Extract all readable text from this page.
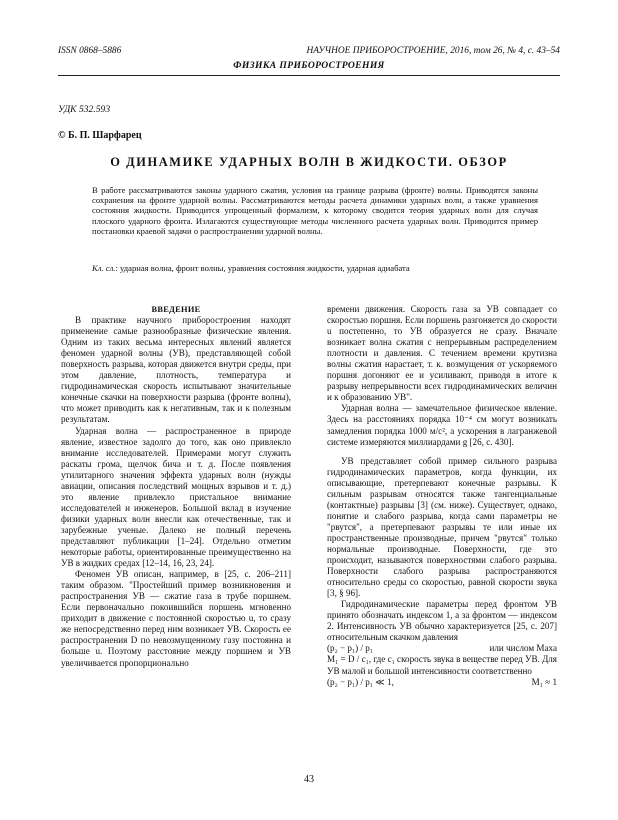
ISSN 0868–5886	НАУЧНОЕ ПРИБОРОСТРОЕНИЕ, 2016, том 26, № 4, с. 43–54
ФИЗИКА ПРИБОРОСТРОЕНИЯ
УДК 532.593
© Б. П. Шарфарец
О ДИНАМИКЕ УДАРНЫХ ВОЛН В ЖИДКОСТИ. ОБЗОР
В работе рассматриваются законы ударного сжатия, условия на границе разрыва (фронте) волны. Приводятся законы сохранения на фронте ударной волны. Рассматриваются методы расчета динамики ударных волн, а также уравнения состояния жидкости. Приводится упрощенный формализм, к которому сводится теория ударных волн для случая плоского ударного фронта. Излагаются существующие методы численного расчета ударных волн. Приводится пример постановки краевой задачи о распространении ударной волны.
Кл. сл.: ударная волна, фронт волны, уравнения состояния жидкости, ударная адиабата

ВВЕДЕНИЕ

В практике научного приборостроения находят применение самые разнообразные физические явления. Одним из таких весьма интересных явлений является феномен ударной волны (УВ), представляющей собой поверхность разрыва, которая движется внутри среды, при этом давление, плотность, температура и гидродинамическая скорость испытывают значительные конечные скачки на поверхности разрыва (фронте волны), что может приводить как к негативным, так и к полезным результатам.

Ударная волна — распространенное в природе явление, известное задолго до того, как оно привлекло внимание исследователей. Примерами могут служить раскаты грома, щелчок бича и т. д. После появления утилитарного значения эффекта ударных волн (нужды авиации, описания последствий мощных взрывов и т. д.) это явление привлекло пристальное внимание исследователей и инженеров. Большой вклад в изучение физики ударных волн внесли как отечественные, так и зарубежные ученые. Далеко не полный перечень представляют публикации [1–24]. Отдельно отметим некоторые работы, ориентированные преимущественно на УВ в жидких средах [12–14, 16, 23, 24].

Феномен УВ описан, например, в [25, с. 206–211] таким образом. "Простейший пример возникновения и распространения УВ — сжатие газа в трубе поршнем. Если первоначально покоившийся поршень мгновенно приходит в движение с постоянной скоростью u, то сразу же непосредственно перед ним возникает УВ. Скорость ее распространения D по невозмущенному газу постоянна и больше u. Поэтому расстояние между поршнем и УВ увеличивается пропорционально

времени движения. Скорость газа за УВ совпадает со скоростью поршня. Если поршень разгоняется до скорости u постепенно, то УВ образуется не сразу. Вначале возникает волна сжатия с непрерывным распределением плотности и давления. С течением времени крутизна волны сжатия нарастает, т. к. возмущения от ускоряемого поршня догоняют ее и усиливают, приводя в итоге к разрыву непрерывности всех гидродинамических величин и к образованию УВ".

Ударная волна — замечательное физическое явление. Здесь на расстояниях порядка 10⁻⁴ см могут возникать замедления порядка 1000 м/с², а ускорения в лагранжевой системе измеряются миллиардами g [26, с. 430].

УВ представляет собой пример сильного разрыва гидродинамических параметров, когда функции, их описывающие, претерпевают конечные разрывы. К сильным разрывам относятся также тангенциальные (контактные) разрывы [3] (см. ниже). Существует, однако, понятие и слабого разрыва, когда сами параметры не "рвутся", а претерпевают разрывы те или иные их пространственные производные, причем "рвутся" только нормальные производные. Поверхности, где это происходит, называются поверхностями слабого разрыва. Поверхности слабого разрыва распространяются относительно среды со скоростью, равной скорости звука [3, § 96].

Гидродинамические параметры перед фронтом УВ принято обозначать индексом 1, а за фронтом — индексом 2. Интенсивность УВ обычно характеризуется [25, с. 207] относительным скачком давления

(p₂ − p₁) / p₁	или числом Маха

M₁ = D / c₁, где c₁ скорость звука в веществе перед УВ. Для УВ малой и большой интенсивности соответственно

(p₂ − p₁) / p₁ ≪ 1,	M₁ ≈ 1

43
